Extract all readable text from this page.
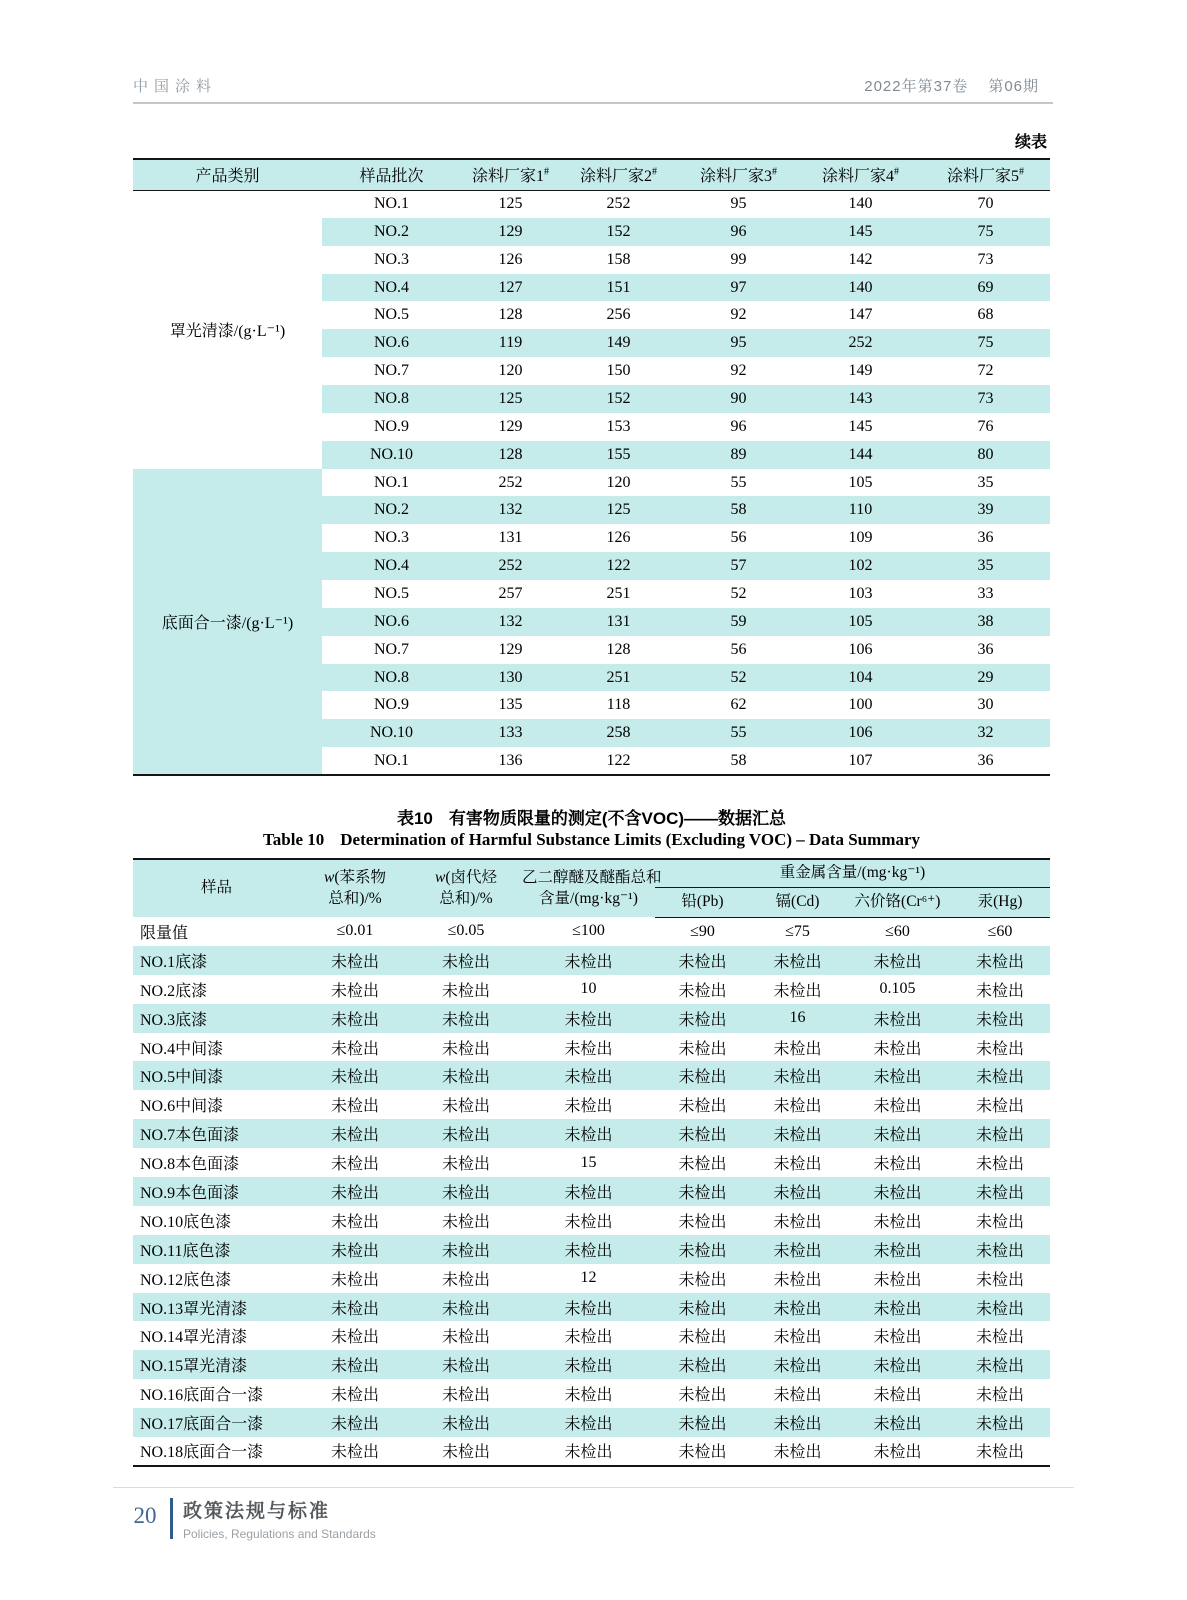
中国涂料	2022年第37卷 第06期
续表
产品类别	样品批次	涂料厂家1#	涂料厂家2#	涂料厂家3#	涂料厂家4#	涂料厂家5#
罩光清漆/(g·L⁻¹)	NO.1	125	252	95	140	70
	NO.2	129	152	96	145	75
	NO.3	126	158	99	142	73
	NO.4	127	151	97	140	69
	NO.5	128	256	92	147	68
	NO.6	119	149	95	252	75
	NO.7	120	150	92	149	72
	NO.8	125	152	90	143	73
	NO.9	129	153	96	145	76
	NO.10	128	155	89	144	80
底面合一漆/(g·L⁻¹)	NO.1	252	120	55	105	35
	NO.2	132	125	58	110	39
	NO.3	131	126	56	109	36
	NO.4	252	122	57	102	35
	NO.5	257	251	52	103	33
	NO.6	132	131	59	105	38
	NO.7	129	128	56	106	36
	NO.8	130	251	52	104	29
	NO.9	135	118	62	100	30
	NO.10	133	258	55	106	32
	NO.1	136	122	58	107	36
表10 有害物质限量的测定(不含VOC)——数据汇总
Table 10 Determination of Harmful Substance Limits (Excluding VOC) – Data Summary
样品	w(苯系物
总和)/%	w(卤代烃
总和)/%	乙二醇醚及醚酯总和
含量/(mg·kg⁻¹)	重金属含量/(mg·kg⁻¹)			
				铅(Pb)	镉(Cd)	六价铬(Cr⁶⁺)	汞(Hg)
限量值	≤0.01	≤0.05	≤100	≤90	≤75	≤60	≤60
NO.1底漆	未检出	未检出	未检出	未检出	未检出	未检出	未检出
NO.2底漆	未检出	未检出	10	未检出	未检出	0.105	未检出
NO.3底漆	未检出	未检出	未检出	未检出	16	未检出	未检出
NO.4中间漆	未检出	未检出	未检出	未检出	未检出	未检出	未检出
NO.5中间漆	未检出	未检出	未检出	未检出	未检出	未检出	未检出
NO.6中间漆	未检出	未检出	未检出	未检出	未检出	未检出	未检出
NO.7本色面漆	未检出	未检出	未检出	未检出	未检出	未检出	未检出
NO.8本色面漆	未检出	未检出	15	未检出	未检出	未检出	未检出
NO.9本色面漆	未检出	未检出	未检出	未检出	未检出	未检出	未检出
NO.10底色漆	未检出	未检出	未检出	未检出	未检出	未检出	未检出
NO.11底色漆	未检出	未检出	未检出	未检出	未检出	未检出	未检出
NO.12底色漆	未检出	未检出	12	未检出	未检出	未检出	未检出
NO.13罩光清漆	未检出	未检出	未检出	未检出	未检出	未检出	未检出
NO.14罩光清漆	未检出	未检出	未检出	未检出	未检出	未检出	未检出
NO.15罩光清漆	未检出	未检出	未检出	未检出	未检出	未检出	未检出
NO.16底面合一漆	未检出	未检出	未检出	未检出	未检出	未检出	未检出
NO.17底面合一漆	未检出	未检出	未检出	未检出	未检出	未检出	未检出
NO.18底面合一漆	未检出	未检出	未检出	未检出	未检出	未检出	未检出
20 政策法规与标准
Policies, Regulations and Standards
